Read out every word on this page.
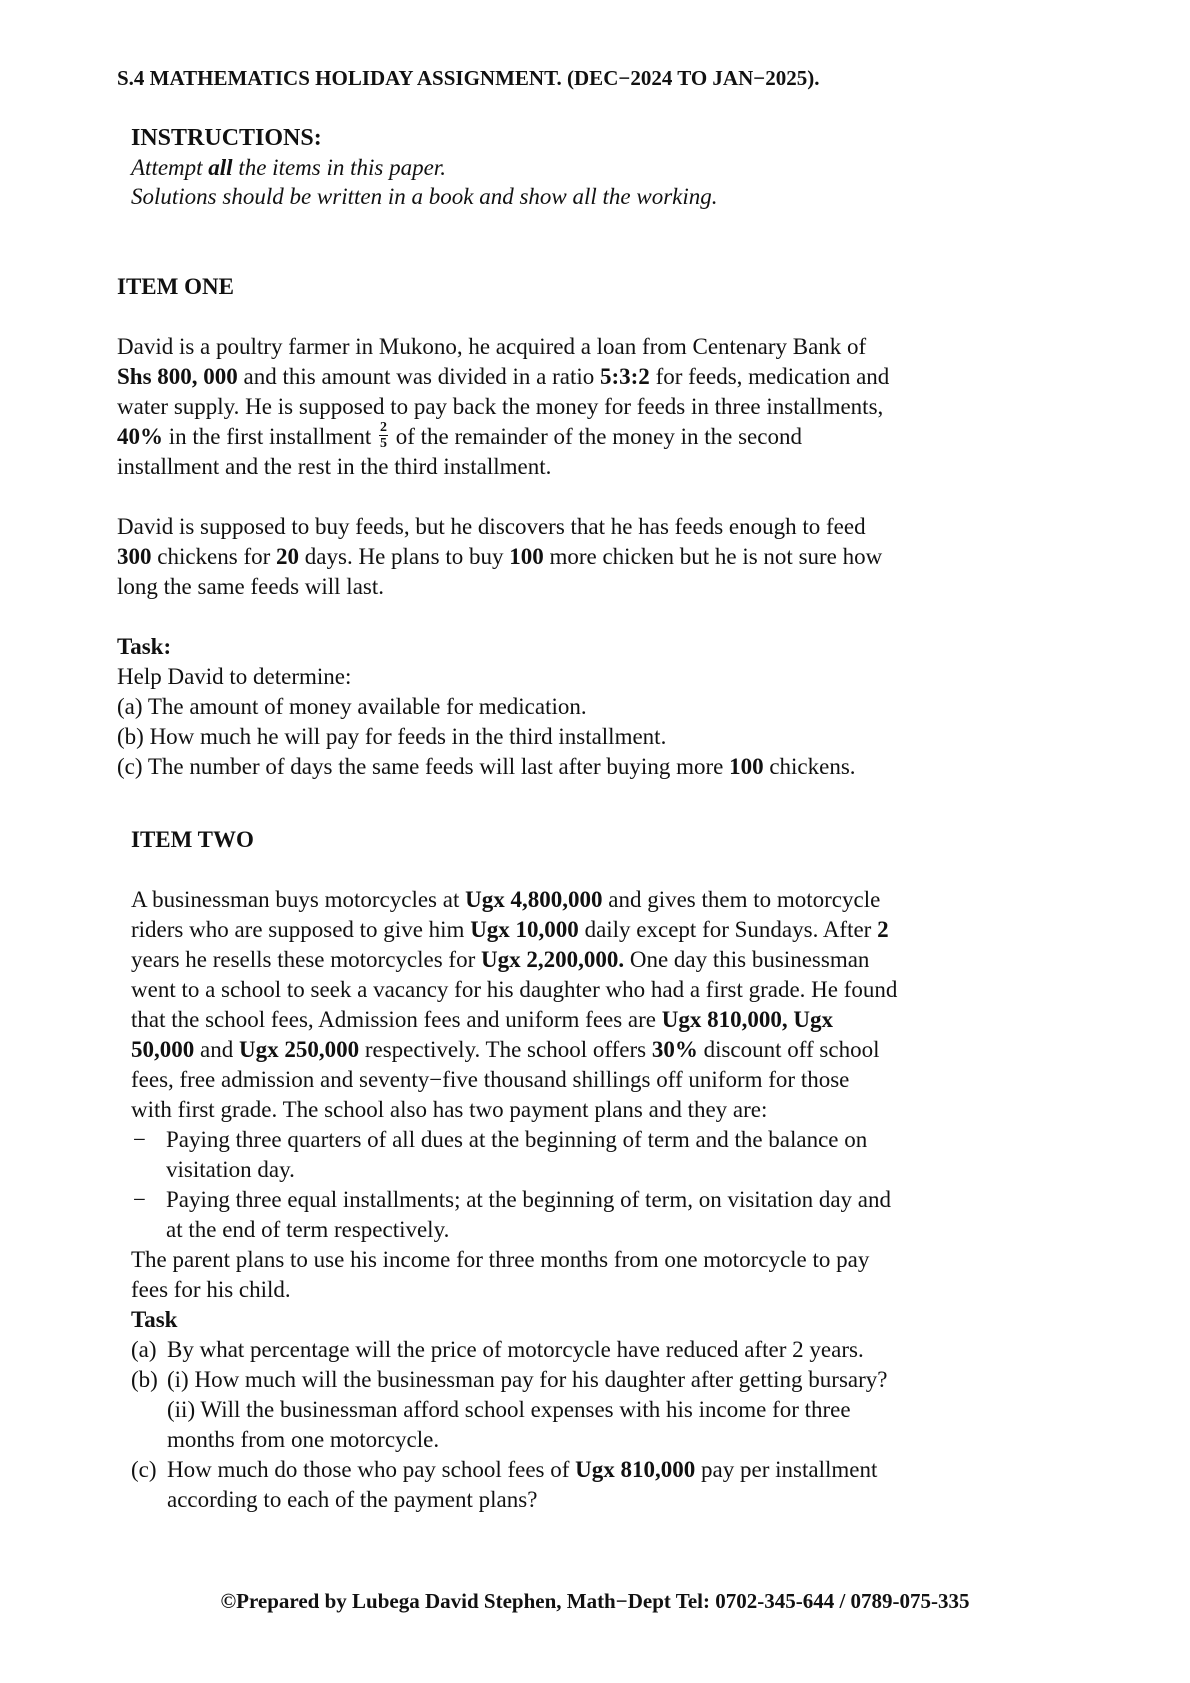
S.4 MATHEMATICS HOLIDAY ASSIGNMENT. (DEC−2024 TO JAN−2025).
INSTRUCTIONS:
Attempt all the items in this paper.
Solutions should be written in a book and show all the working.
ITEM ONE

David is a poultry farmer in Mukono, he acquired a loan from Centenary Bank of
Shs 800, 000 and this amount was divided in a ratio 5:3:2 for feeds, medication and
water supply. He is supposed to pay back the money for feeds in three installments,
40% in the first installment $\frac{2}{5}$ of the remainder of the money in the second
installment and the rest in the third installment.

David is supposed to buy feeds, but he discovers that he has feeds enough to feed
300 chickens for 20 days. He plans to buy 100 more chicken but he is not sure how
long the same feeds will last.

Task:
Help David to determine:
(a) The amount of money available for medication.
(b) How much he will pay for feeds in the third installment.
(c) The number of days the same feeds will last after buying more 100 chickens.
ITEM TWO

A businessman buys motorcycles at Ugx 4,800,000 and gives them to motorcycle
riders who are supposed to give him Ugx 10,000 daily except for Sundays. After 2
years he resells these motorcycles for Ugx 2,200,000. One day this businessman
went to a school to seek a vacancy for his daughter who had a first grade. He found
that the school fees, Admission fees and uniform fees are Ugx 810,000, Ugx
50,000 and Ugx 250,000 respectively. The school offers 30% discount off school
fees, free admission and seventy−five thousand shillings off uniform for those
with first grade. The school also has two payment plans and they are:

− Paying three quarters of all dues at the beginning of term and the balance on
visitation day.
− Paying three equal installments; at the beginning of term, on visitation day and
at the end of term respectively.

The parent plans to use his income for three months from one motorcycle to pay
fees for his child.

Task
(a) By what percentage will the price of motorcycle have reduced after 2 years.
(b) (i) How much will the businessman pay for his daughter after getting bursary?
(ii) Will the businessman afford school expenses with his income for three
months from one motorcycle.
(c) How much do those who pay school fees of Ugx 810,000 pay per installment
according to each of the payment plans?
©Prepared by Lubega David Stephen, Math−Dept Tel: 0702-345-644 / 0789-075-335
